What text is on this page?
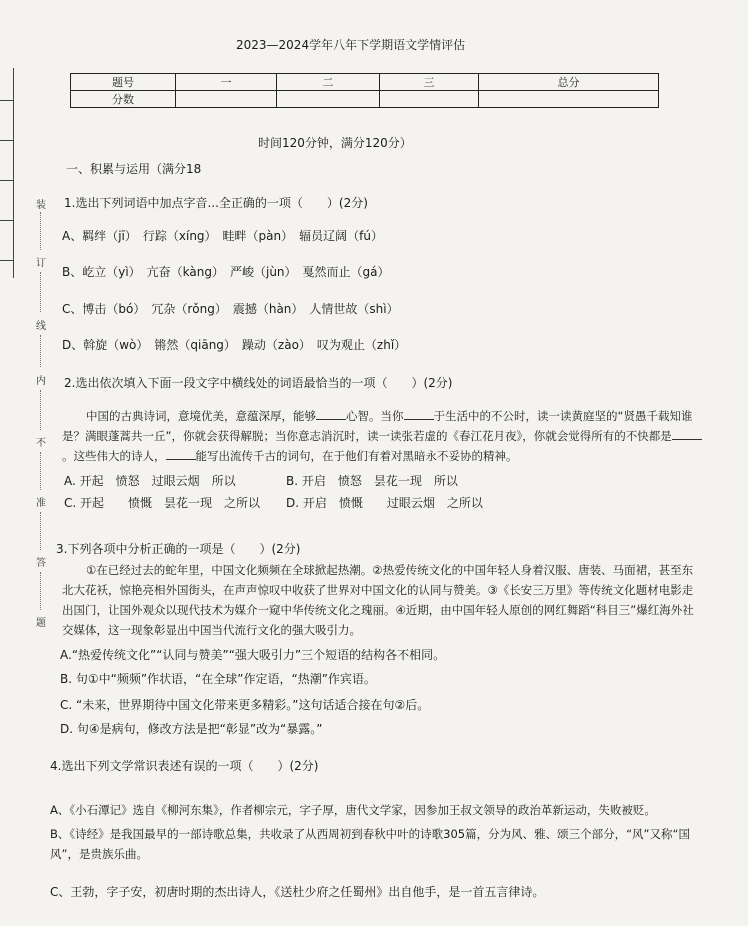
装
订
线
内
不
准
答
题
2023—2024学年八年下学期语文学情评估
题号	一	二	三	总分
分数				
时间120分钟，满分120分）
一、积累与运用（满分18
1.选出下列词语中加点字音...全正确的一项（　　）(2分)
A、羁绊（jī）　行踪（xíng）　畦畔（pàn）　辐员辽阔（fú）
B、屹立（yì）　亢奋（kàng）　严峻（jùn）　戛然而止（gá）
C、博击（bó）　冗杂（rǒng）　震撼（hàn）　人情世故（shì）
D、斡旋（wò）　锵然（qiāng）　躁动（zào）　叹为观止（zhǐ）
2.选出依次填入下面一段文字中横线处的词语最恰当的一项（　　）(2分)
中国的古典诗词，意境优美，意蕴深厚，能够	心智。当你	于生活中的不公时，读一读黄庭坚的“贤愚千载知谁是？满眼蓬蒿共一丘”，你就会获得解脱；当你意志消沉时，读一读张若虚的《春江花月夜》，你就会觉得所有的不快都是。这些伟大的诗人，	能写出流传千古的词句，在于他们有着对黑暗永不妥协的精神。
A. 开起　愤怒　过眼云烟　所以	B. 开启　愤怒　昙花一现　所以
C. 开起　　愤慨　昙花一现　之所以 D. 开启　愤慨　　过眼云烟　之所以
3.下列各项中分析正确的一项是（　　）(2分)
①在已经过去的蛇年里，中国文化频频在全球掀起热潮。②热爱传统文化的中国年轻人身着汉服、唐装、马面裙，甚至东北大花袄，惊艳亮相外国街头，在声声惊叹中收获了世界对中国文化的认同与赞美。③《长安三万里》等传统文化题材电影走出国门，让国外观众以现代技术为媒介一窥中华传统文化之瑰丽。④近期，由中国年轻人原创的网红舞蹈“科目三”爆红海外社交媒体，这一现象彰显出中国当代流行文化的强大吸引力。
A.“热爱传统文化”“认同与赞美”“强大吸引力”三个短语的结构各不相同。
B. 句①中“频频”作状语，“在全球”作定语，“热潮”作宾语。
C. “未来，世界期待中国文化带来更多精彩。”这句话适合接在句②后。
D. 句④是病句，修改方法是把“彰显”改为“暴露。”
4.选出下列文学常识表述有误的一项（　　）(2分)
A、《小石潭记》选自《柳河东集》，作者柳宗元，字子厚，唐代文学家，因参加王叔文领导的政治革新运动，失败被贬。
B、《诗经》是我国最早的一部诗歌总集，共收录了从西周初到春秋中叶的诗歌305篇，分为风、雅、颂三个部分，“风”又称“国风”，是贵族乐曲。
C、王勃，字子安，初唐时期的杰出诗人，《送杜少府之任蜀州》出自他手，是一首五言律诗。
